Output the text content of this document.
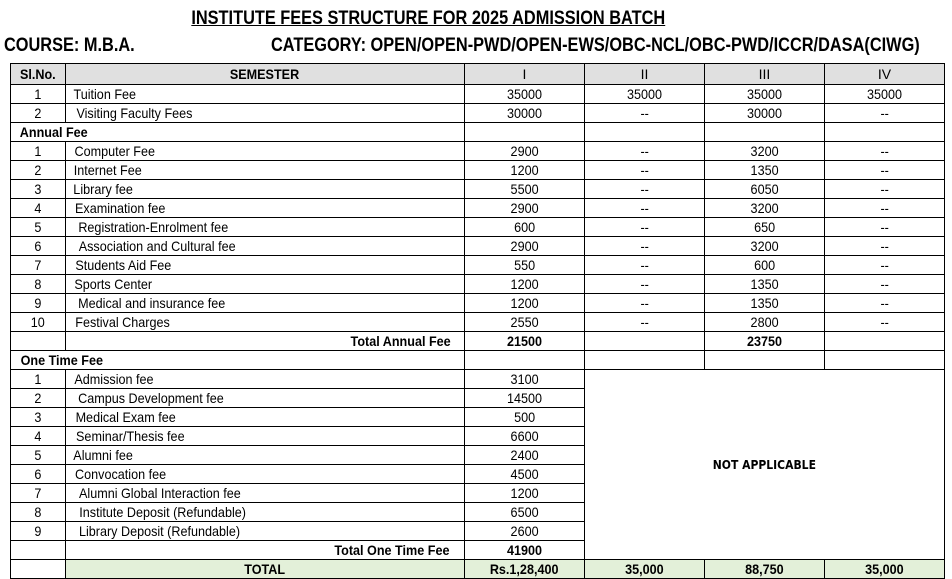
INSTITUTE FEES STRUCTURE FOR 2025 ADMISSION BATCH
COURSE: M.B.A.	CATEGORY: OPEN/OPEN-PWD/OPEN-EWS/OBC-NCL/OBC-PWD/ICCR/DASA(CIWG)
Sl.No.	SEMESTER	I	II	III	IV
1	Tuition Fee	35000	35000	35000	35000
2	Visiting Faculty Fees	30000	--	30000	--
Annual Fee					
1	Computer Fee	2900	--	3200	--
2	Internet Fee	1200	--	1350	--
3	Library fee	5500	--	6050	--
4	Examination fee	2900	--	3200	--
5	Registration-Enrolment fee	600	--	650	--
6	Association and Cultural fee	2900	--	3200	--
7	Students Aid Fee	550	--	600	--
8	Sports Center	1200	--	1350	--
9	Medical and insurance fee	1200	--	1350	--
10	Festival Charges	2550	--	2800	--
	Total Annual Fee	21500		23750	
One Time Fee					
1	Admission fee	3100	NOT APPLICABLE		
2	Campus Development fee	14500			
3	Medical Exam fee	500			
4	Seminar/Thesis fee	6600			
5	Alumni fee	2400			
6	Convocation fee	4500			
7	Alumni Global Interaction fee	1200			
8	Institute Deposit (Refundable)	6500			
9	Library Deposit (Refundable)	2600			
	Total One Time Fee	41900			
	TOTAL	Rs.1,28,400	35,000	88,750	35,000
